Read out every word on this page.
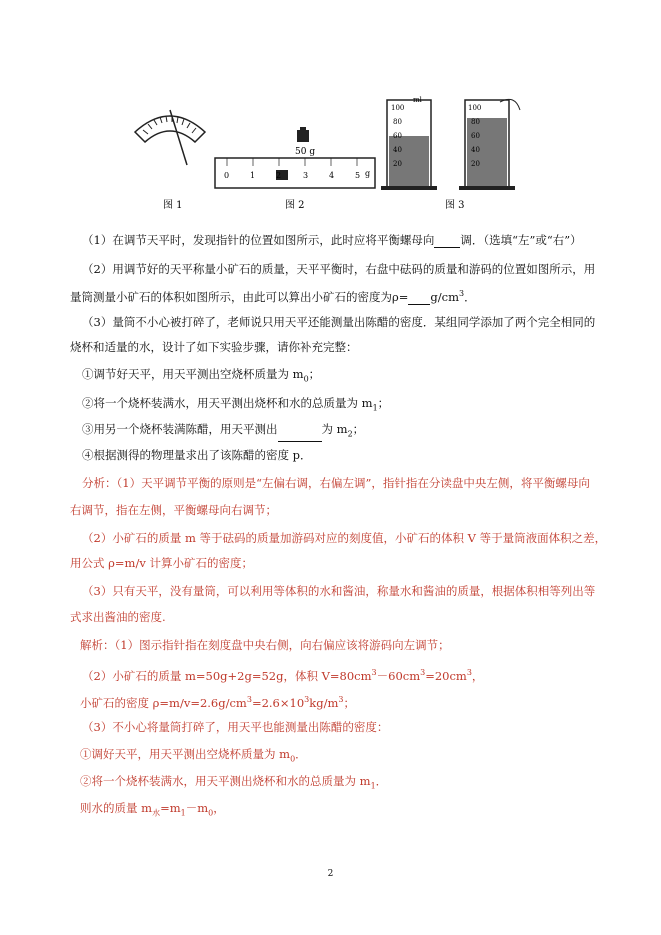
50 g
0	1	2	3	4	5 g
ml
100
80
60
40
20
100
80
60
40
20
图 1	图 2	图 3
（1）在调节天平时，发现指针的位置如图所示，此时应将平衡螺母向 调．（选填“左”或“右”）
（2）用调节好的天平称量小矿石的质量，天平平衡时，右盘中砝码的质量和游码的位置如图所示，用
量筒测量小矿石的体积如图所示，由此可以算出小矿石的密度为$\rho= g/cm^3$．
（3）量筒不小心被打碎了，老师说只用天平还能测量出陈醋的密度．某组同学添加了两个完全相同的
烧杯和适量的水，设计了如下实验步骤，请你补充完整：
①调节好天平，用天平测出空烧杯质量为 $m_0$；
②将一个烧杯装满水，用天平测出烧杯和水的总质量为 $m_1$；
③用另一个烧杯装满陈醋，用天平测出	为 $m_2$；
④根据测得的物理量求出了该陈醋的密度 p．
分析：（1）天平调节平衡的原则是“左偏右调，右偏左调”，指针指在分读盘中央左侧，将平衡螺母向
右调节，指在左侧，平衡螺母向右调节；
（2）小矿石的质量 m 等于砝码的质量加游码对应的刻度值，小矿石的体积 V 等于量筒液面体积之差，
用公式 ρ=m/v 计算小矿石的密度；
（3）只有天平，没有量筒，可以利用等体积的水和酱油，称量水和酱油的质量，根据体积相等列出等
式求出酱油的密度.
解析：（1）图示指针指在刻度盘中央右侧，向右偏应该将游码向左调节；
（2）小矿石的质量 m=50g+2g=52g，体积 $V=80cm^3-60cm^3=20cm^3$，
小矿石的密度 $\rho=m/v=2.6g/cm^3=2.6\times 10^3kg/m^3$；
（3）不小心将量筒打碎了，用天平也能测量出陈醋的密度：
①调好天平，用天平测出空烧杯质量为 $m_0$．
②将一个烧杯装满水，用天平测出烧杯和水的总质量为 $m_1$．
则水的质量 $m_水=m_1-m_0$，
2
